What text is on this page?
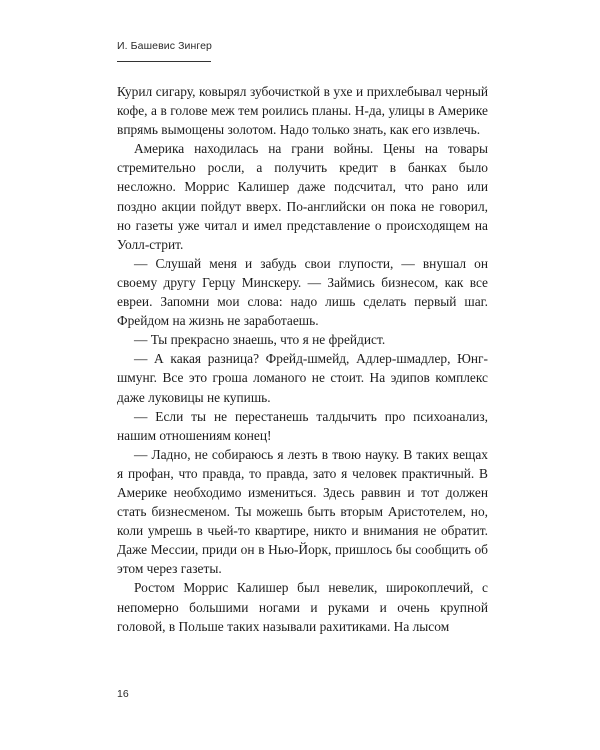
И. Башевис Зингер

Курил сигару, ковырял зубочисткой в ухе и прихлебывал черный кофе, а в голове меж тем роились планы. Н-да, улицы в Америке впрямь вымощены золотом. Надо только знать, как его извлечь.

Америка находилась на грани войны. Цены на товары стремительно росли, а получить кредит в банках было несложно. Моррис Калишер даже подсчитал, что рано или поздно акции пойдут вверх. По-английски он пока не говорил, но газеты уже читал и имел представление о происходящем на Уолл-стрит.

— Слушай меня и забудь свои глупости, — внушал он своему другу Герцу Минскеру. — Займись бизнесом, как все евреи. Запомни мои слова: надо лишь сделать первый шаг. Фрейдом на жизнь не заработаешь.

— Ты прекрасно знаешь, что я не фрейдист.

— А какая разница? Фрейд-шмейд, Адлер-шмадлер, Юнг-шмунг. Все это гроша ломаного не стоит. На эдипов комплекс даже луковицы не купишь.

— Если ты не перестанешь талдычить про психоанализ, нашим отношениям конец!

— Ладно, не собираюсь я лезть в твою науку. В таких вещах я профан, что правда, то правда, зато я человек практичный. В Америке необходимо измениться. Здесь раввин и тот должен стать бизнесменом. Ты можешь быть вторым Аристотелем, но, коли умрешь в чьей-то квартире, никто и внимания не обратит. Даже Мессии, приди он в Нью-Йорк, пришлось бы сообщить об этом через газеты.

Ростом Моррис Калишер был невелик, широкоплечий, с непомерно большими ногами и руками и очень крупной головой, в Польше таких называли рахитиками. На лысом

16
